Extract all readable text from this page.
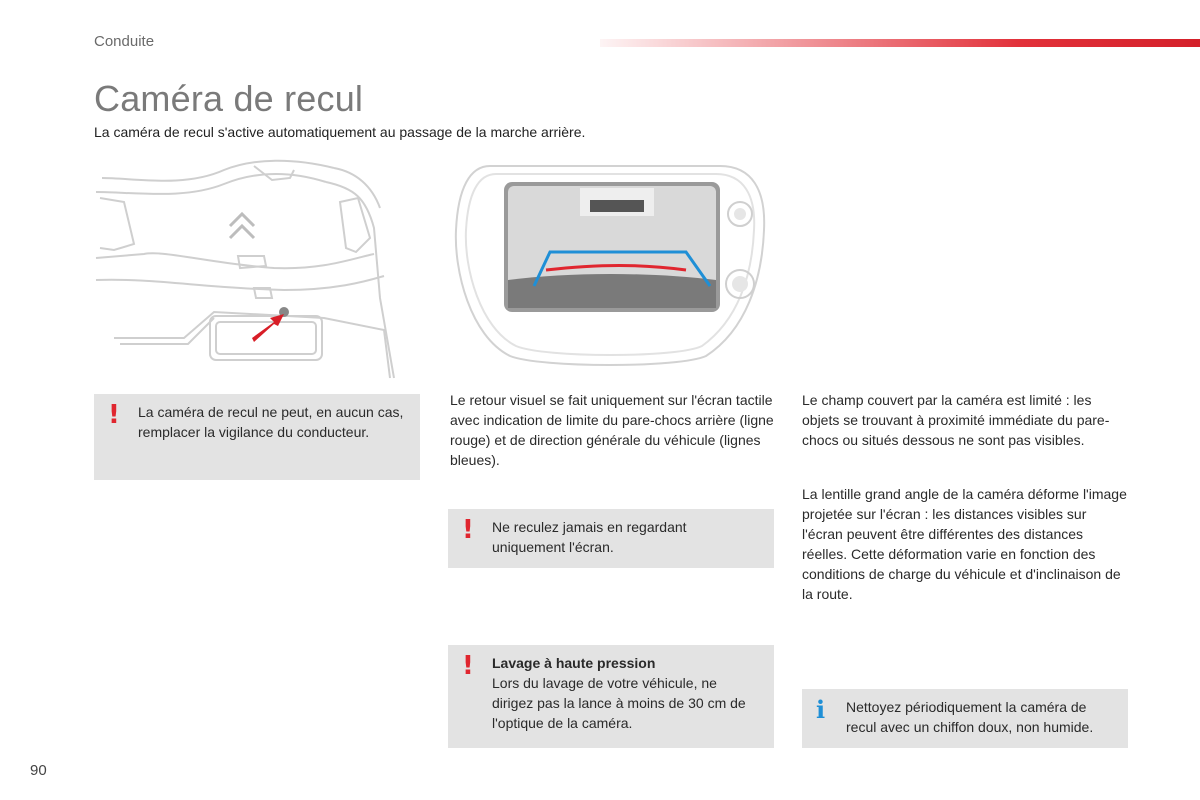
Conduite
Caméra de recul
La caméra de recul s'active automatiquement au passage de la marche arrière.
! La caméra de recul ne peut, en aucun cas, remplacer la vigilance du conducteur.

Le retour visuel se fait uniquement sur l'écran tactile avec indication de limite du pare-chocs arrière (ligne rouge) et de direction générale du véhicule (lignes bleues).

! Ne reculez jamais en regardant uniquement l'écran.
! Lavage à haute pression
Lors du lavage de votre véhicule, ne dirigez pas la lance à moins de 30 cm de l'optique de la caméra.

Le champ couvert par la caméra est limité : les objets se trouvant à proximité immédiate du pare-chocs ou situés dessous ne sont pas visibles.

La lentille grand angle de la caméra déforme l'image projetée sur l'écran : les distances visibles sur l'écran peuvent être différentes des distances réelles. Cette déformation varie en fonction des conditions de charge du véhicule et d'inclinaison de la route.

i Nettoyez périodiquement la caméra de recul avec un chiffon doux, non humide.
90
